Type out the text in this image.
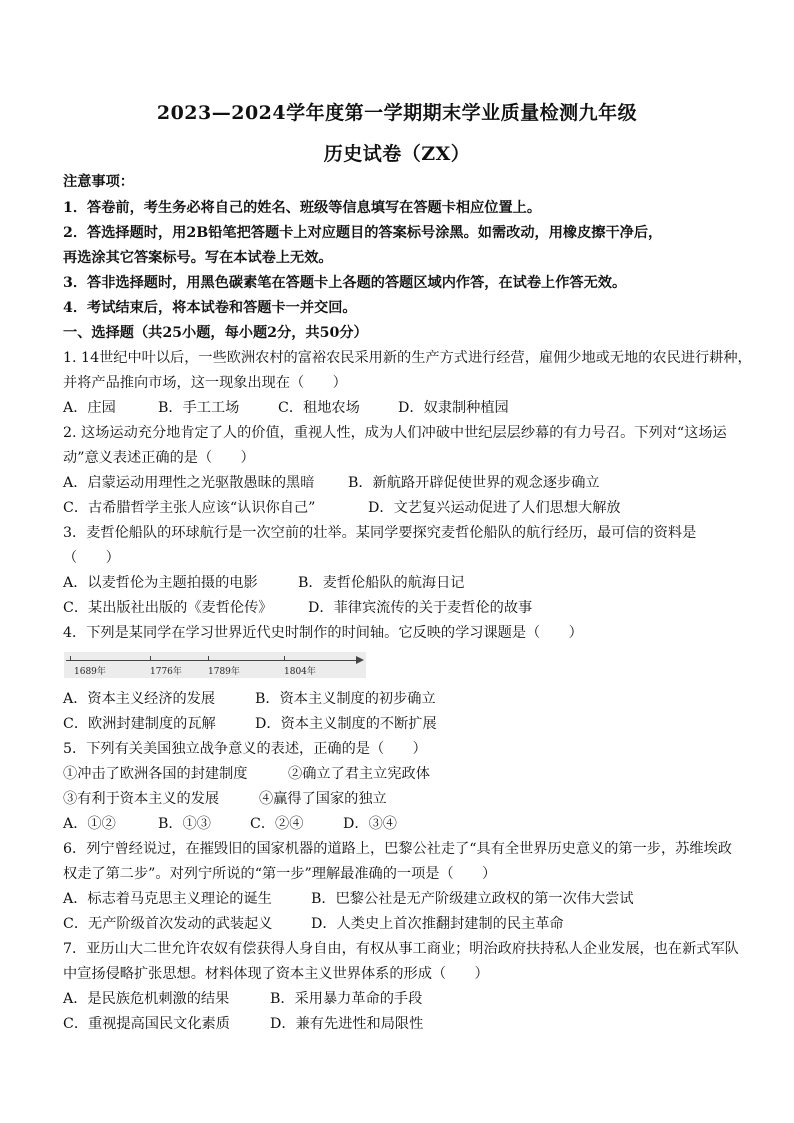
2023—2024学年度第一学期期末学业质量检测九年级
历史试卷（ZX）
注意事项：
1．答卷前，考生务必将自己的姓名、班级等信息填写在答题卡相应位置上。
2．答选择题时，用2B铅笔把答题卡上对应题目的答案标号涂黑。如需改动，用橡皮擦干净后，
再选涂其它答案标号。写在本试卷上无效。
3．答非选择题时，用黑色碳素笔在答题卡上各题的答题区域内作答，在试卷上作答无效。
4．考试结束后，将本试卷和答题卡一并交回。
一、选择题（共25小题，每小题2分，共50分）
1. 14世纪中叶以后，一些欧洲农村的富裕农民采用新的生产方式进行经营，雇佣少地或无地的农民进行耕种，
并将产品推向市场，这一现象出现在（　　）
A．庄园	B．手工工场	C．租地农场	D．奴隶制种植园
2. 这场运动充分地肯定了人的价值，重视人性，成为人们冲破中世纪层层纱幕的有力号召。下列对“这场运
动”意义表述正确的是（　　）
A．启蒙运动用理性之光驱散愚昧的黑暗 B．新航路开辟促使世界的观念逐步确立
C．古希腊哲学主张人应该“认识你自己”	D．文艺复兴运动促进了人们思想大解放
3．麦哲伦船队的环球航行是一次空前的壮举。某同学要探究麦哲伦船队的航行经历，最可信的资料是
（　　）
A．以麦哲伦为主题拍摄的电影	B．麦哲伦船队的航海日记
C．某出版社出版的《麦哲伦传》	D．菲律宾流传的关于麦哲伦的故事
4．下列是某同学在学习世界近代史时制作的时间轴。它反映的学习课题是（　　）
1689年	1776年	1789年	1804年
A．资本主义经济的发展	B．资本主义制度的初步确立
C．欧洲封建制度的瓦解	D．资本主义制度的不断扩展
5．下列有关美国独立战争意义的表述，正确的是（　　）
①冲击了欧洲各国的封建制度	②确立了君主立宪政体
③有利于资本主义的发展	④赢得了国家的独立
A．①②	B．①③	C．②④	D．③④
6．列宁曾经说过，在摧毁旧的国家机器的道路上，巴黎公社走了“具有全世界历史意义的第一步，苏维埃政
权走了第二步”。对列宁所说的“第一步”理解最准确的一项是（　　）
A．标志着马克思主义理论的诞生	B．巴黎公社是无产阶级建立政权的第一次伟大尝试
C．无产阶级首次发动的武装起义	D．人类史上首次推翻封建制的民主革命
7．亚历山大二世允许农奴有偿获得人身自由，有权从事工商业；明治政府扶持私人企业发展，也在新式军队
中宣扬侵略扩张思想。材料体现了资本主义世界体系的形成（　　）
A．是民族危机刺激的结果	B．采用暴力革命的手段
C．重视提高国民文化素质	D．兼有先进性和局限性
